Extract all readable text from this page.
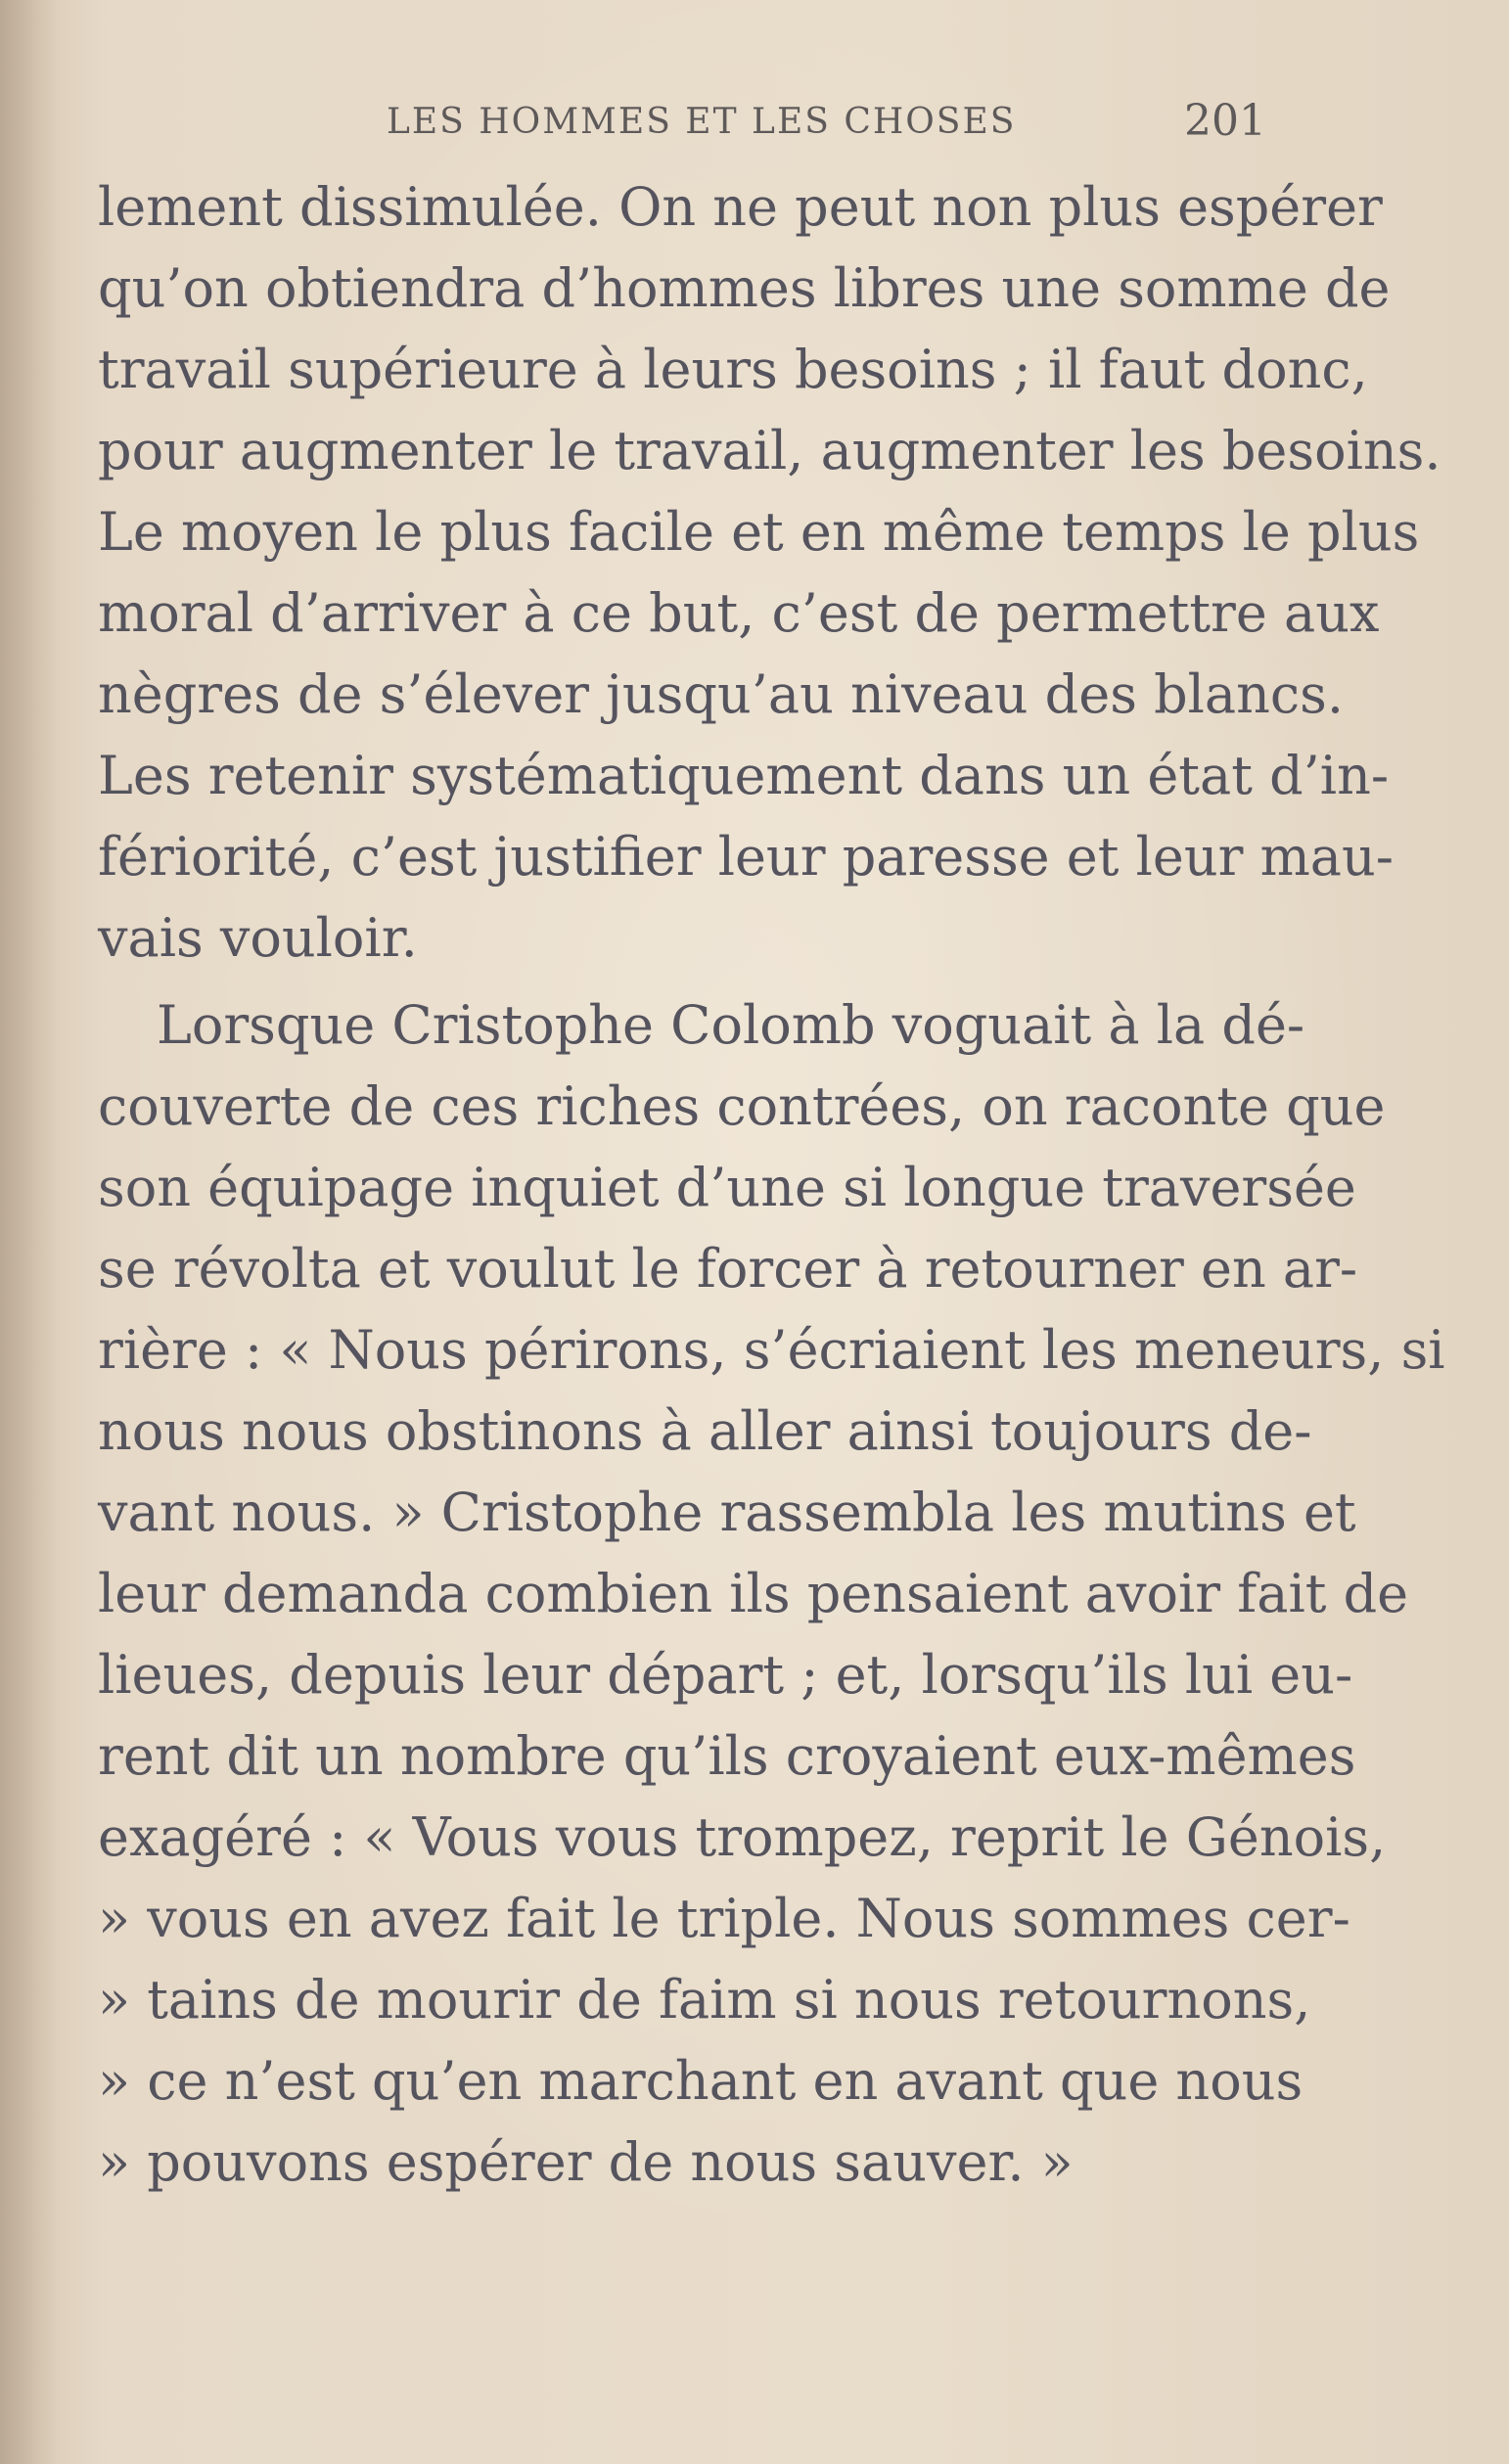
LES HOMMES ET LES CHOSES	201
lement dissimulée. On ne peut non plus espérer
qu’on obtiendra d’hommes libres une somme de
travail supérieure à leurs besoins ; il faut donc,
pour augmenter le travail, augmenter les besoins.
Le moyen le plus facile et en même temps le plus
moral d’arriver à ce but, c’est de permettre aux
nègres de s’élever jusqu’au niveau des blancs.
Les retenir systématiquement dans un état d’in-
fériorité, c’est justifier leur paresse et leur mau-
vais vouloir.
Lorsque Cristophe Colomb voguait à la dé-
couverte de ces riches contrées, on raconte que
son équipage inquiet d’une si longue traversée
se révolta et voulut le forcer à retourner en ar-
rière : « Nous périrons, s’écriaient les meneurs, si
nous nous obstinons à aller ainsi toujours de-
vant nous. » Cristophe rassembla les mutins et
leur demanda combien ils pensaient avoir fait de
lieues, depuis leur départ ; et, lorsqu’ils lui eu-
rent dit un nombre qu’ils croyaient eux-mêmes
exagéré : « Vous vous trompez, reprit le Génois,
» vous en avez fait le triple. Nous sommes cer-
» tains de mourir de faim si nous retournons,
» ce n’est qu’en marchant en avant que nous
» pouvons espérer de nous sauver. »
